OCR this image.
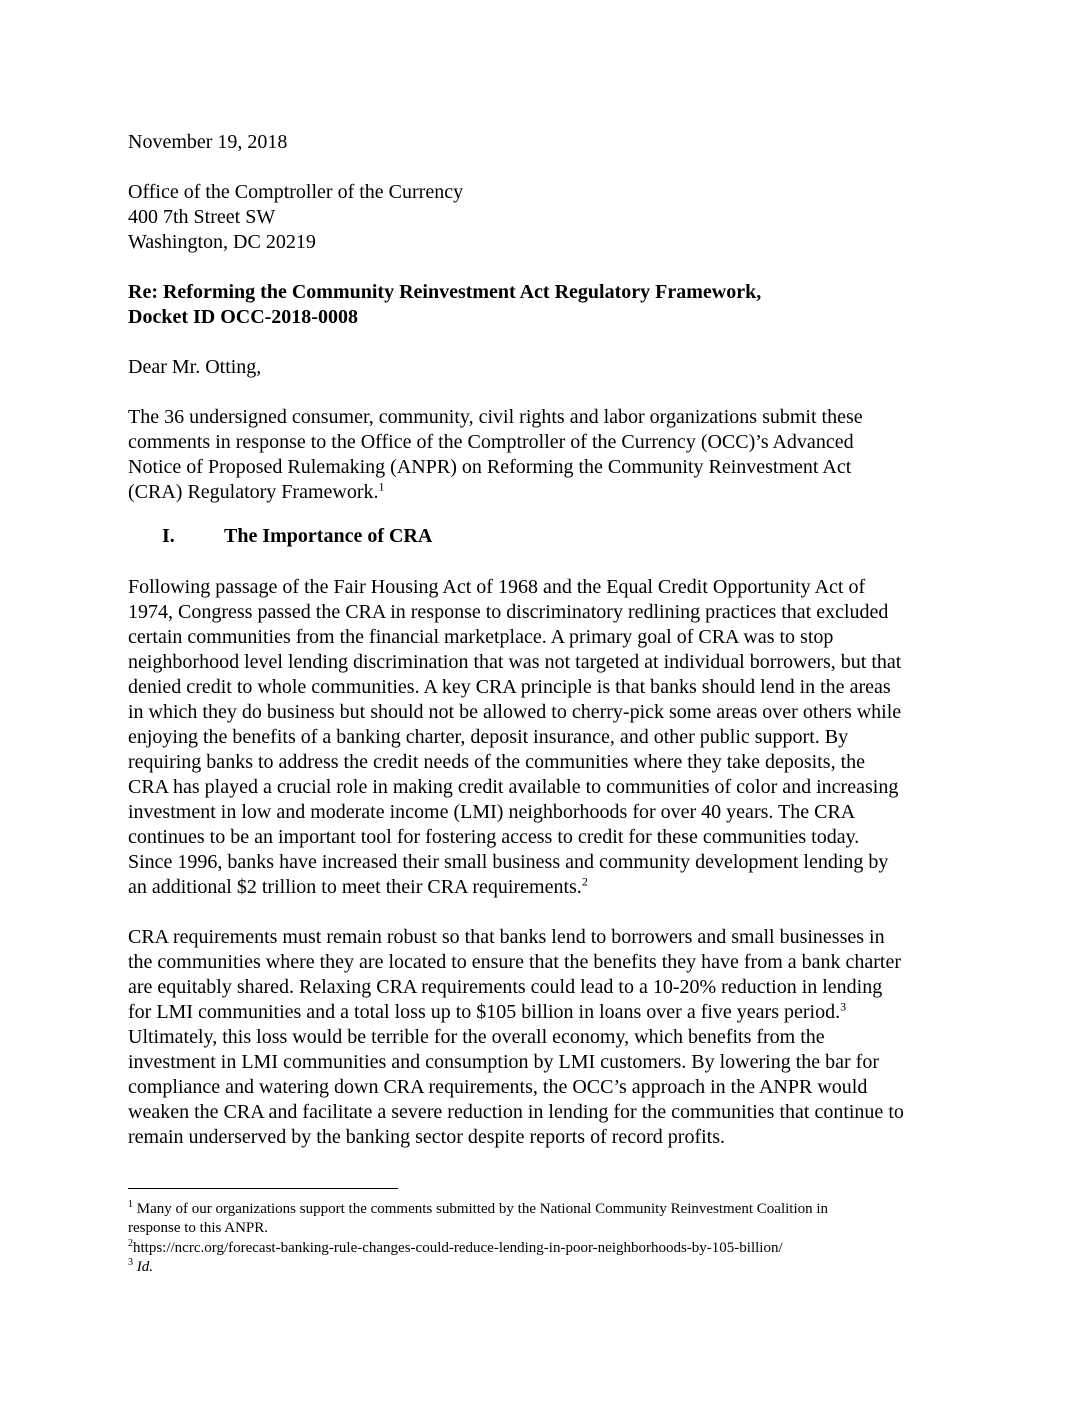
November 19, 2018
Office of the Comptroller of the Currency
400 7th Street SW
Washington, DC 20219
Re: Reforming the Community Reinvestment Act Regulatory Framework,
Docket ID OCC-2018-0008
Dear Mr. Otting,
The 36 undersigned consumer, community, civil rights and labor organizations submit these
comments in response to the Office of the Comptroller of the Currency (OCC)’s Advanced
Notice of Proposed Rulemaking (ANPR) on Reforming the Community Reinvestment Act
(CRA) Regulatory Framework.$^1$
I. The Importance of CRA
Following passage of the Fair Housing Act of 1968 and the Equal Credit Opportunity Act of
1974, Congress passed the CRA in response to discriminatory redlining practices that excluded
certain communities from the financial marketplace. A primary goal of CRA was to stop
neighborhood level lending discrimination that was not targeted at individual borrowers, but that
denied credit to whole communities. A key CRA principle is that banks should lend in the areas
in which they do business but should not be allowed to cherry-pick some areas over others while
enjoying the benefits of a banking charter, deposit insurance, and other public support. By
requiring banks to address the credit needs of the communities where they take deposits, the
CRA has played a crucial role in making credit available to communities of color and increasing
investment in low and moderate income (LMI) neighborhoods for over 40 years. The CRA
continues to be an important tool for fostering access to credit for these communities today.
Since 1996, banks have increased their small business and community development lending by
an additional $2 trillion to meet their CRA requirements.$^2$
CRA requirements must remain robust so that banks lend to borrowers and small businesses in
the communities where they are located to ensure that the benefits they have from a bank charter
are equitably shared. Relaxing CRA requirements could lead to a 10-20% reduction in lending
for LMI communities and a total loss up to $105 billion in loans over a five years period.$^3$
Ultimately, this loss would be terrible for the overall economy, which benefits from the
investment in LMI communities and consumption by LMI customers. By lowering the bar for
compliance and watering down CRA requirements, the OCC’s approach in the ANPR would
weaken the CRA and facilitate a severe reduction in lending for the communities that continue to
remain underserved by the banking sector despite reports of record profits.
$^1$ Many of our organizations support the comments submitted by the National Community Reinvestment Coalition in
response to this ANPR.
$^2$https://ncrc.org/forecast-banking-rule-changes-could-reduce-lending-in-poor-neighborhoods-by-105-billion/
$^3$ Id.
